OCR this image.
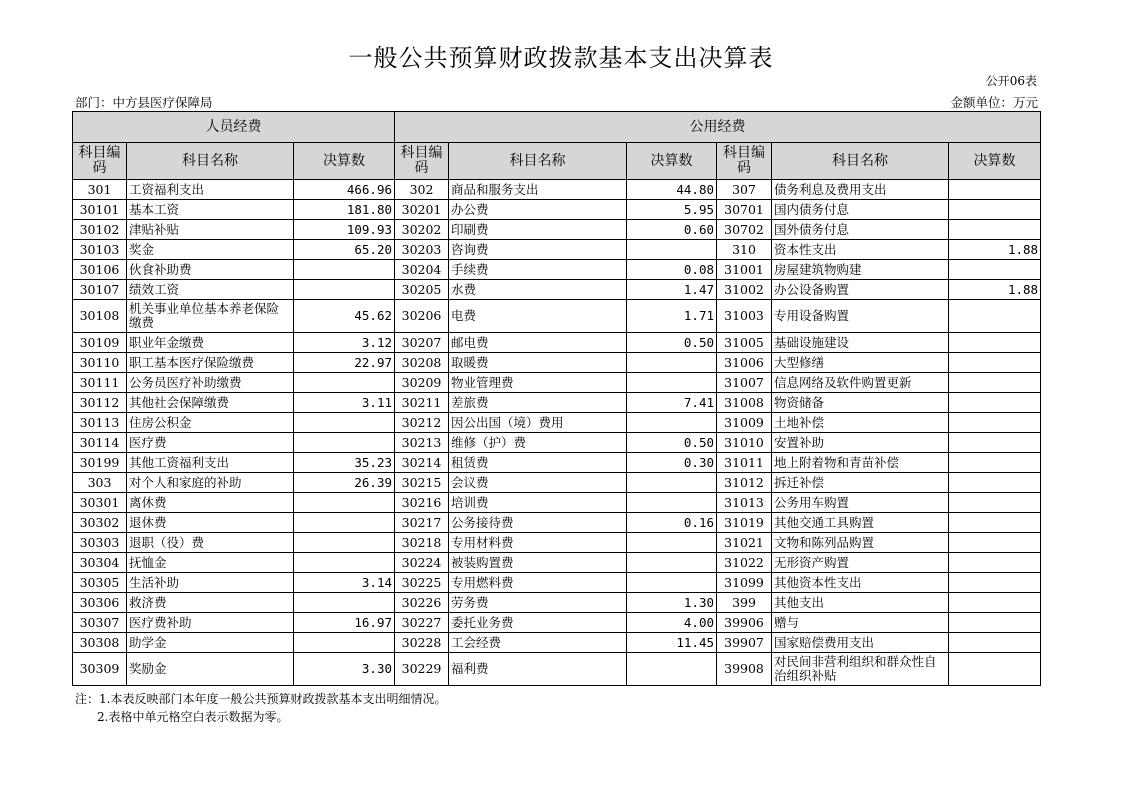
一般公共预算财政拨款基本支出决算表
公开06表
部门：中方县医疗保障局	金额单位：万元
人员经费			公用经费					
科目编码	科目名称	决算数	科目编码	科目名称	决算数	科目编码	科目名称	决算数
301	工资福利支出	466.96	302	商品和服务支出	44.80	307	债务利息及费用支出	
30101	基本工资	181.80	30201	办公费	5.95	30701	国内债务付息	
30102	津贴补贴	109.93	30202	印刷费	0.60	30702	国外债务付息	
30103	奖金	65.20	30203	咨询费		310	资本性支出	1.88
30106	伙食补助费		30204	手续费	0.08	31001	房屋建筑物购建	
30107	绩效工资		30205	水费	1.47	31002	办公设备购置	1.88
30108	机关事业单位基本养老保险缴费	45.62	30206	电费	1.71	31003	专用设备购置	
30109	职业年金缴费	3.12	30207	邮电费	0.50	31005	基础设施建设	
30110	职工基本医疗保险缴费	22.97	30208	取暖费		31006	大型修缮	
30111	公务员医疗补助缴费		30209	物业管理费		31007	信息网络及软件购置更新	
30112	其他社会保障缴费	3.11	30211	差旅费	7.41	31008	物资储备	
30113	住房公积金		30212	因公出国（境）费用		31009	土地补偿	
30114	医疗费		30213	维修（护）费	0.50	31010	安置补助	
30199	其他工资福利支出	35.23	30214	租赁费	0.30	31011	地上附着物和青苗补偿	
303	对个人和家庭的补助	26.39	30215	会议费		31012	拆迁补偿	
30301	离休费		30216	培训费		31013	公务用车购置	
30302	退休费		30217	公务接待费	0.16	31019	其他交通工具购置	
30303	退职（役）费		30218	专用材料费		31021	文物和陈列品购置	
30304	抚恤金		30224	被装购置费		31022	无形资产购置	
30305	生活补助	3.14	30225	专用燃料费		31099	其他资本性支出	
30306	救济费		30226	劳务费	1.30	399	其他支出	
30307	医疗费补助	16.97	30227	委托业务费	4.00	39906	赠与	
30308	助学金		30228	工会经费	11.45	39907	国家赔偿费用支出	
30309	奖励金	3.30	30229	福利费		39908	对民间非营利组织和群众性自治组织补贴	
注：1.本表反映部门本年度一般公共预算财政拨款基本支出明细情况。
2.表格中单元格空白表示数据为零。
